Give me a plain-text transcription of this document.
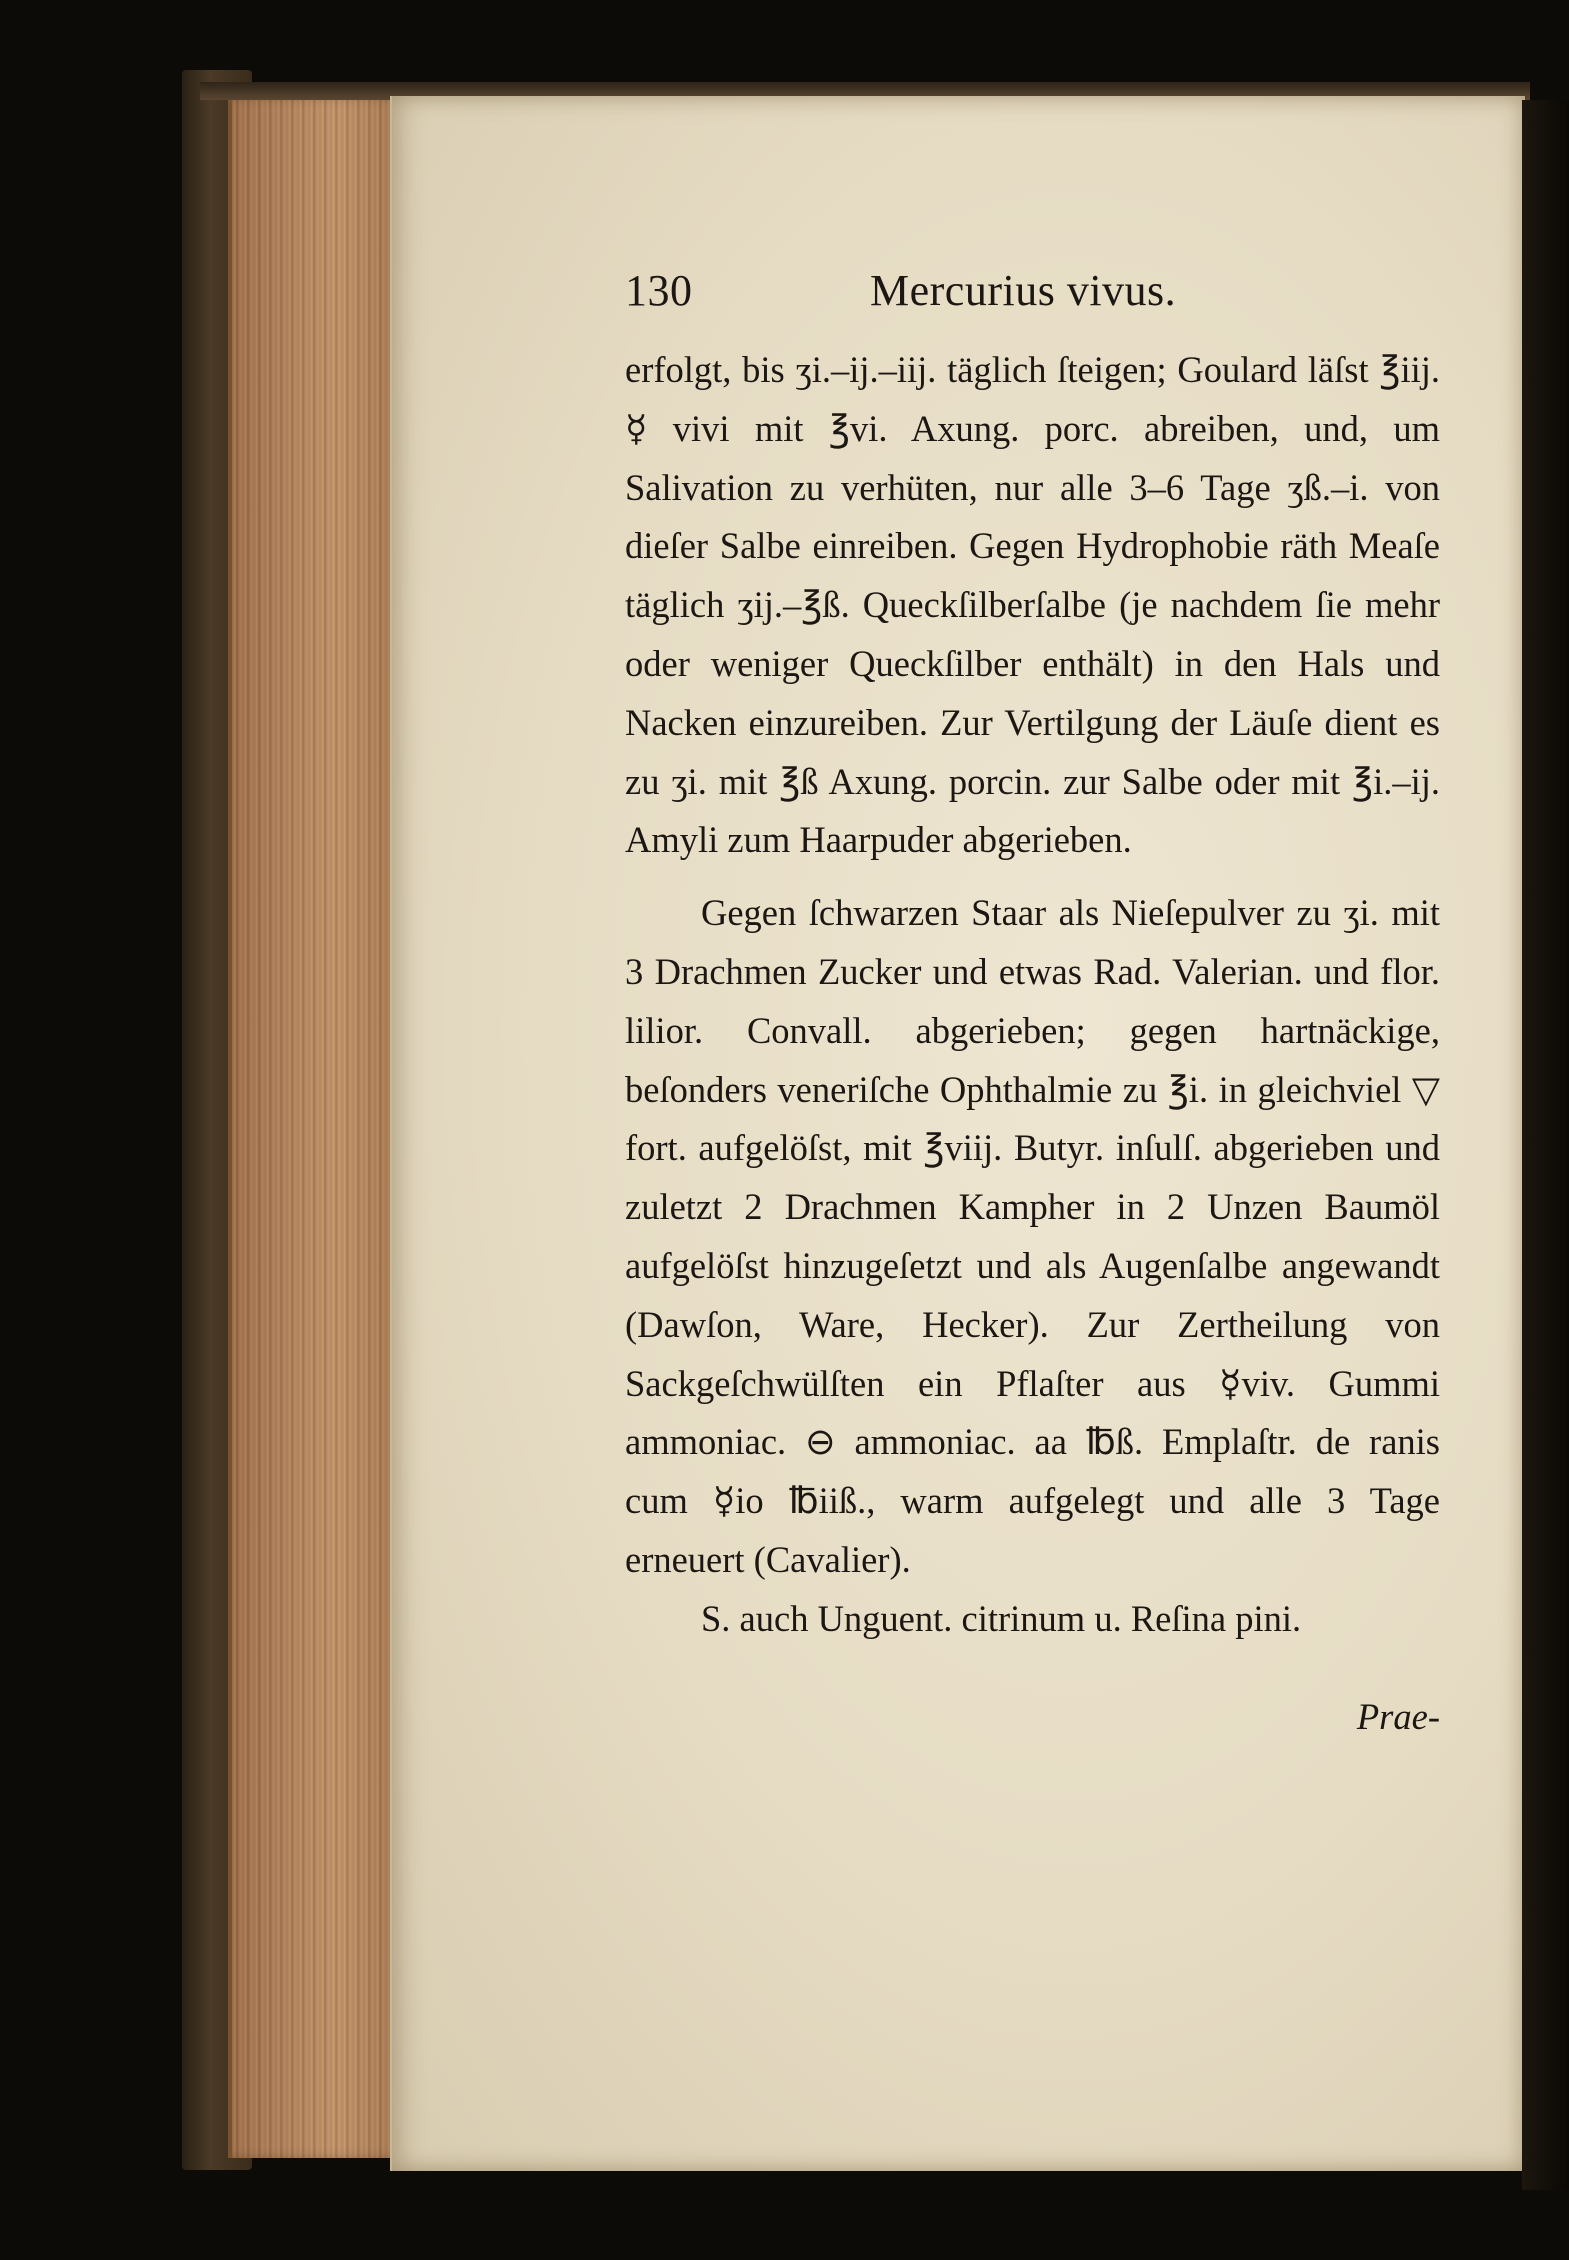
130	Mercurius vivus.

erfolgt, bis ʒi.–ij.–iij. täglich ſteigen; Goulard läſst ℥iij. ☿ vivi mit ℥vi. Axung. porc. abreiben, und, um Salivation zu verhüten, nur alle 3–6 Tage ʒß.–i. von dieſer Salbe einreiben. Gegen Hydrophobie räth Meaſe täglich ʒij.–℥ß. Queckſilberſalbe (je nachdem ſie mehr oder weniger Queckſilber enthält) in den Hals und Nacken einzureiben. Zur Vertilgung der Läuſe dient es zu ʒi. mit ℥ß Axung. porcin. zur Salbe oder mit ℥i.–ij. Amyli zum Haarpuder abgerieben.

Gegen ſchwarzen Staar als Nieſepulver zu ʒi. mit 3 Drachmen Zucker und etwas Rad. Valerian. und flor. lilior. Convall. abgerieben; gegen hartnäckige, beſonders veneriſche Ophthalmie zu ℥i. in gleichviel ▽ fort. aufgelöſst, mit ℥viij. Butyr. inſulſ. abgerieben und zuletzt 2 Drachmen Kampher in 2 Unzen Baumöl aufgelöſst hinzugeſetzt und als Augenſalbe angewandt (Dawſon, Ware, Hecker). Zur Zertheilung von Sackgeſchwülſten ein Pflaſter aus ☿viv. Gummi ammoniac. ⊖ ammoniac. aa ℔ß. Emplaſtr. de ranis cum ☿io ℔iiß., warm aufgelegt und alle 3 Tage erneuert (Cavalier).

S. auch Unguent. citrinum u. Reſina pini.

Prae-
